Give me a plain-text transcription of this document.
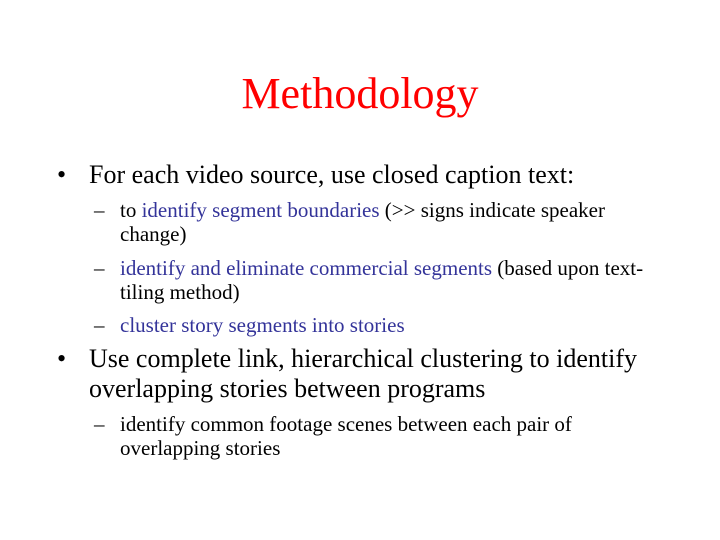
Methodology
• For each video source, use closed caption text:
– to identify segment boundaries (>> signs indicate speaker change)
– identify and eliminate commercial segments (based upon text-tiling method)
– cluster story segments into stories
• Use complete link, hierarchical clustering to identify overlapping stories between programs
– identify common footage scenes between each pair of overlapping stories
